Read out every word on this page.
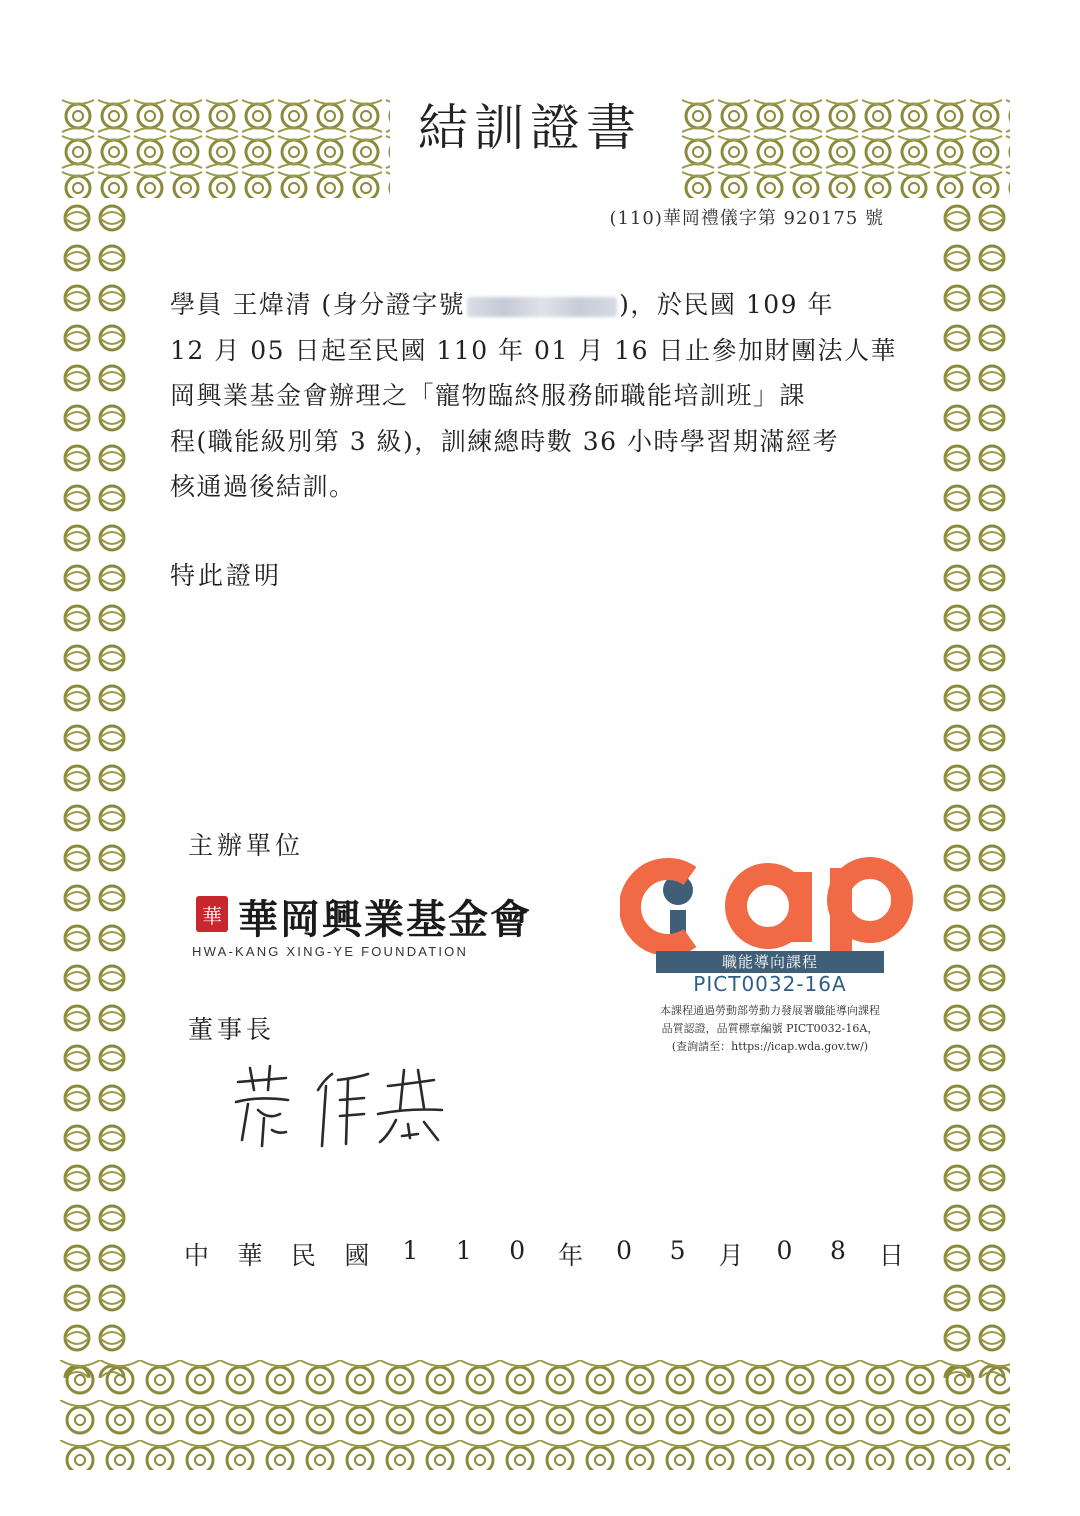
結訓證書
(110)華岡禮儀字第 920175 號
學員 王煒清 (身分證字號	)，於民國 109 年
12 月 05 日起至民國 110 年 01 月 16 日止參加財團法人華
岡興業基金會辦理之「寵物臨終服務師職能培訓班」課
程(職能級別第 3 級)，訓練總時數 36 小時學習期滿經考
核通過後結訓。
特此證明
主辦單位
華 華岡興業基金會
HWA-KANG XING-YE FOUNDATION
董事長
職能導向課程
PICT0032-16A
本課程通過勞動部勞動力發展署職能導向課程
品質認證，品質標章編號 PICT0032-16A，
(查詢請至：https://icap.wda.gov.tw/)
中 華 民 國 1 1 0 年 0 5 月 0 8 日
